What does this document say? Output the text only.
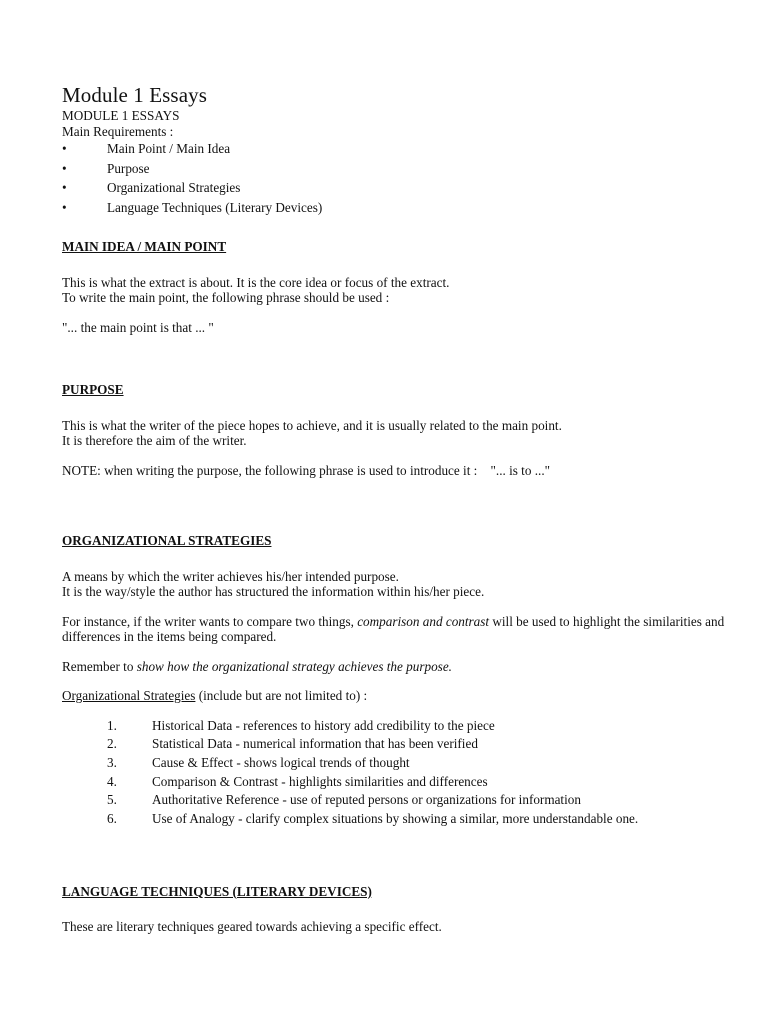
Module 1 Essays

MODULE 1 ESSAYS

Main Requirements :

•	Main Point / Main Idea
•	Purpose
•	Organizational Strategies
•	Language Techniques (Literary Devices)

MAIN IDEA / MAIN POINT

This is what the extract is about. It is the core idea or focus of the extract.

To write the main point, the following phrase should be used :

"... the main point is that ... "

PURPOSE

This is what the writer of the piece hopes to achieve, and it is usually related to the main point.

It is therefore the aim of the writer.

NOTE: when writing the purpose, the following phrase is used to introduce it :    "... is to ..."

ORGANIZATIONAL STRATEGIES

A means by which the writer achieves his/her intended purpose.

It is the way/style the author has structured the information within his/her piece.

For instance, if the writer wants to compare two things, comparison and contrast will be used to highlight the similarities and differences in the items being compared.

Remember to show how the organizational strategy achieves the purpose.

Organizational Strategies (include but are not limited to) :

1.	Historical Data - references to history add credibility to the piece
2.	Statistical Data - numerical information that has been verified
3.	Cause & Effect - shows logical trends of thought
4.	Comparison & Contrast - highlights similarities and differences
5.	Authoritative Reference - use of reputed persons or organizations for information
6.	Use of Analogy - clarify complex situations by showing a similar, more understandable one.

LANGUAGE TECHNIQUES (LITERARY DEVICES)

These are literary techniques geared towards achieving a specific effect.
